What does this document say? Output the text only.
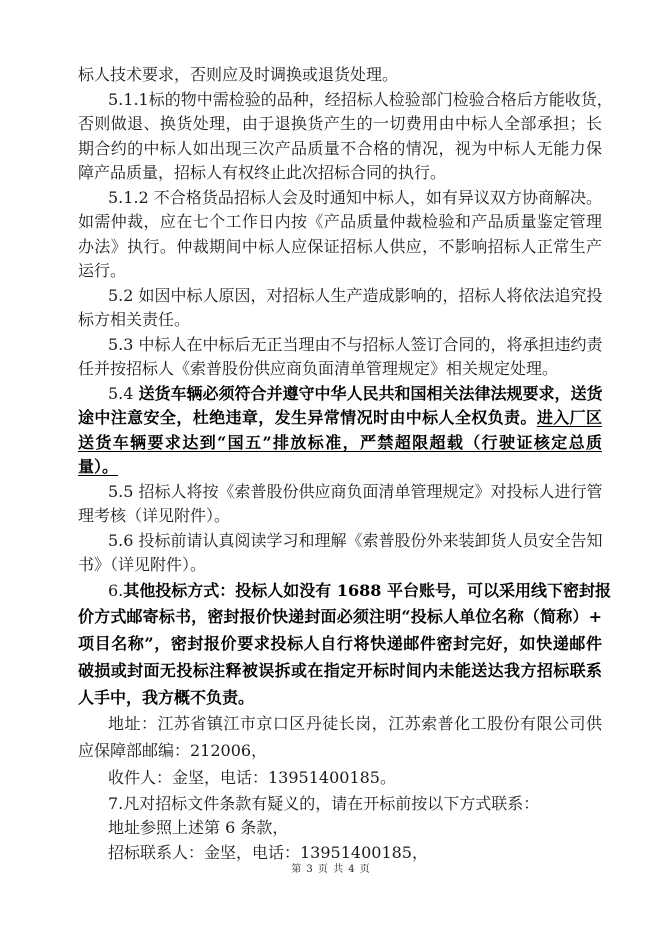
标人技术要求，否则应及时调换或退货处理。
5.1.1标的物中需检验的品种，经招标人检验部门检验合格后方能收货，
否则做退、换货处理，由于退换货产生的一切费用由中标人全部承担；长
期合约的中标人如出现三次产品质量不合格的情况，视为中标人无能力保
障产品质量，招标人有权终止此次招标合同的执行。
5.1.2 不合格货品招标人会及时通知中标人，如有异议双方协商解决。
如需仲裁，应在七个工作日内按《产品质量仲裁检验和产品质量鉴定管理
办法》执行。仲裁期间中标人应保证招标人供应，不影响招标人正常生产
运行。
5.2 如因中标人原因，对招标人生产造成影响的，招标人将依法追究投
标方相关责任。
5.3 中标人在中标后无正当理由不与招标人签订合同的，将承担违约责
任并按招标人《索普股份供应商负面清单管理规定》相关规定处理。
5.4 送货车辆必须符合并遵守中华人民共和国相关法律法规要求，送货
途中注意安全，杜绝违章，发生异常情况时由中标人全权负责。进入厂区
送货车辆要求达到“国五”排放标准，严禁超限超载（行驶证核定总质
量）。
5.5 招标人将按《索普股份供应商负面清单管理规定》对投标人进行管
理考核（详见附件）。
5.6 投标前请认真阅读学习和理解《索普股份外来装卸货人员安全告知
书》（详见附件）。
6.其他投标方式：投标人如没有 1688 平台账号，可以采用线下密封报
价方式邮寄标书，密封报价快递封面必须注明“投标人单位名称（简称）+
项目名称”，密封报价要求投标人自行将快递邮件密封完好，如快递邮件
破损或封面无投标注释被误拆或在指定开标时间内未能送达我方招标联系
人手中，我方概不负责。
地址：江苏省镇江市京口区丹徒长岗，江苏索普化工股份有限公司供
应保障部邮编：212006，
收件人：金坚，电话：13951400185。
7.凡对招标文件条款有疑义的，请在开标前按以下方式联系：
地址参照上述第 6 条款，
招标联系人：金坚，电话：13951400185，
第 3 页 共 4 页
